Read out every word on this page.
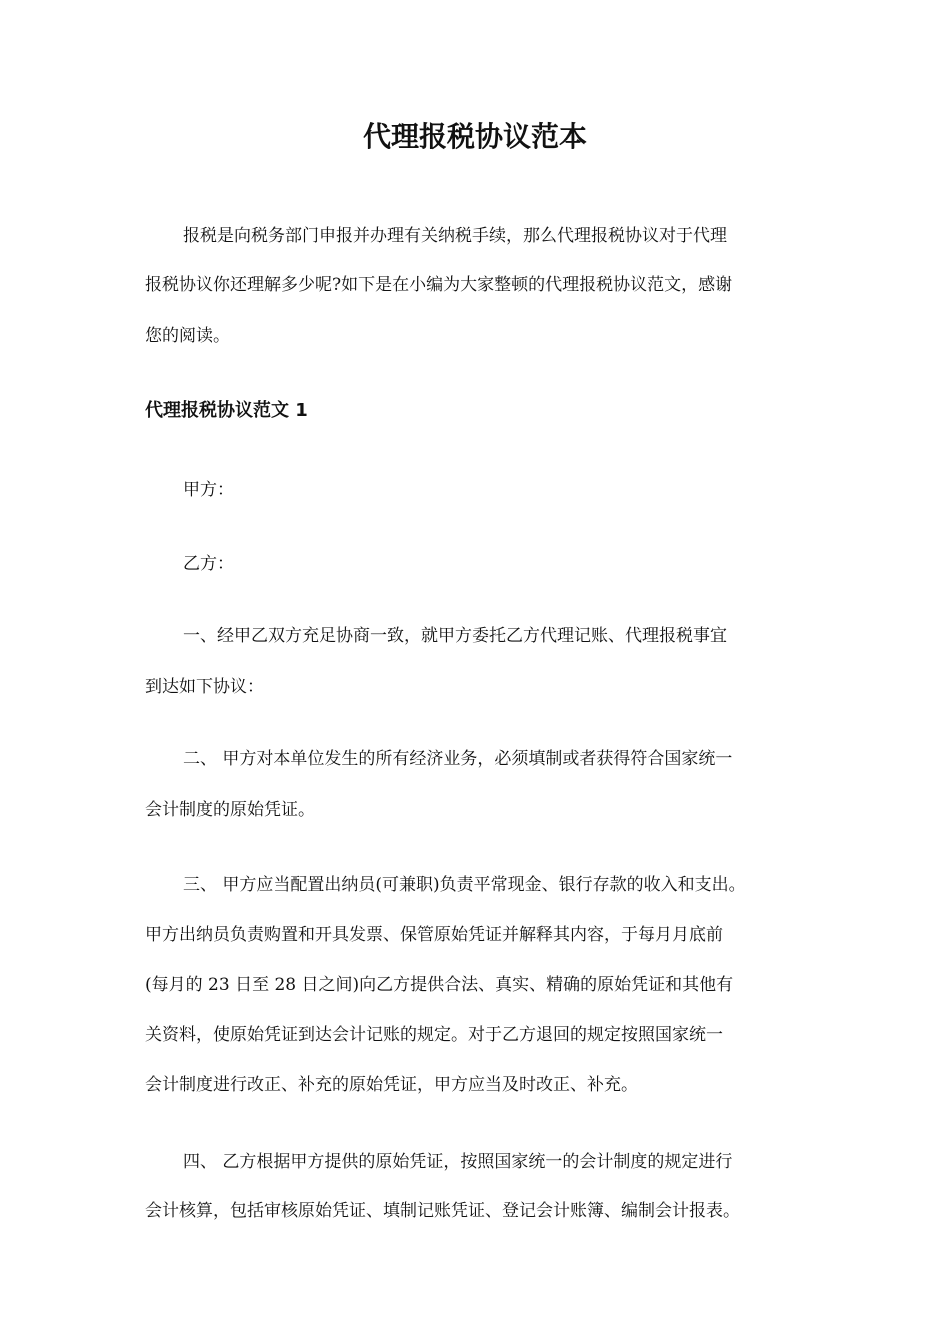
代理报税协议范本
报税是向税务部门申报并办理有关纳税手续，那么代理报税协议对于代理
报税协议你还理解多少呢?如下是在小编为大家整顿的代理报税协议范文，感谢
您的阅读。
代理报税协议范文 1
甲方：
乙方：
一、经甲乙双方充足协商一致，就甲方委托乙方代理记账、代理报税事宜
到达如下协议：
二、 甲方对本单位发生的所有经济业务，必须填制或者获得符合国家统一
会计制度的原始凭证。
三、 甲方应当配置出纳员(可兼职)负责平常现金、银行存款的收入和支出。
甲方出纳员负责购置和开具发票、保管原始凭证并解释其内容，于每月月底前
(每月的 23 日至 28 日之间)向乙方提供合法、真实、精确的原始凭证和其他有
关资料，使原始凭证到达会计记账的规定。对于乙方退回的规定按照国家统一
会计制度进行改正、补充的原始凭证，甲方应当及时改正、补充。
四、 乙方根据甲方提供的原始凭证，按照国家统一的会计制度的规定进行
会计核算，包括审核原始凭证、填制记账凭证、登记会计账簿、编制会计报表。
